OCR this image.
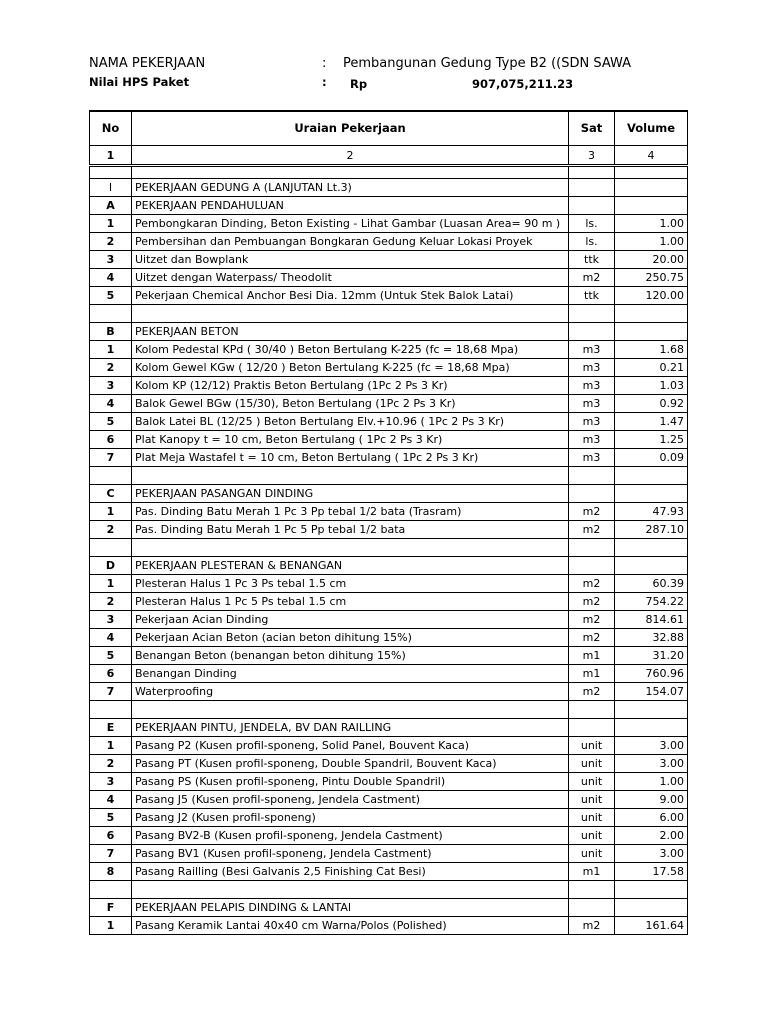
NAMA PEKERJAAN	: Pembangunan Gedung Type B2 ((SDN SAWA
Nilai HPS Paket	: Rp	907,075,211.23
No	Uraian Pekerjaan	Sat	Volume
1	2	3	4

I	PEKERJAAN GEDUNG A (LANJUTAN Lt.3)		
A	PEKERJAAN PENDAHULUAN		
1	Pembongkaran Dinding, Beton Existing - Lihat Gambar (Luasan Area= 90 m )	ls.	1.00
2	Pembersihan dan Pembuangan Bongkaran Gedung Keluar Lokasi Proyek	ls.	1.00
3	Uitzet dan Bowplank	ttk	20.00
4	Uitzet dengan Waterpass/ Theodolit	m2	250.75
5	Pekerjaan Chemical Anchor Besi Dia. 12mm (Untuk Stek Balok Latai)	ttk	120.00

B	PEKERJAAN BETON		
1	Kolom Pedestal KPd ( 30/40 ) Beton Bertulang K-225 (fc = 18,68 Mpa)	m3	1.68
2	Kolom Gewel KGw ( 12/20 ) Beton Bertulang K-225 (fc = 18,68 Mpa)	m3	0.21
3	Kolom KP (12/12) Praktis Beton Bertulang (1Pc 2 Ps 3 Kr)	m3	1.03
4	Balok Gewel BGw (15/30), Beton Bertulang (1Pc 2 Ps 3 Kr)	m3	0.92
5	Balok Latei BL (12/25 ) Beton Bertulang Elv.+10.96 ( 1Pc 2 Ps 3 Kr)	m3	1.47
6	Plat Kanopy t = 10 cm, Beton Bertulang ( 1Pc 2 Ps 3 Kr)	m3	1.25
7	Plat Meja Wastafel t = 10 cm, Beton Bertulang ( 1Pc 2 Ps 3 Kr)	m3	0.09

C	PEKERJAAN PASANGAN DINDING		
1	Pas. Dinding Batu Merah 1 Pc 3 Pp tebal 1/2 bata (Trasram)	m2	47.93
2	Pas. Dinding Batu Merah 1 Pc 5 Pp tebal 1/2 bata	m2	287.10

D	PEKERJAAN PLESTERAN & BENANGAN		
1	Plesteran Halus 1 Pc 3 Ps tebal 1.5 cm	m2	60.39
2	Plesteran Halus 1 Pc 5 Ps tebal 1.5 cm	m2	754.22
3	Pekerjaan Acian Dinding	m2	814.61
4	Pekerjaan Acian Beton (acian beton dihitung 15%)	m2	32.88
5	Benangan Beton (benangan beton dihitung 15%)	m1	31.20
6	Benangan Dinding	m1	760.96
7	Waterproofing	m2	154.07

E	PEKERJAAN PINTU, JENDELA, BV DAN RAILLING		
1	Pasang P2 (Kusen profil-sponeng, Solid Panel, Bouvent Kaca)	unit	3.00
2	Pasang PT (Kusen profil-sponeng, Double Spandril, Bouvent Kaca)	unit	3.00
3	Pasang PS (Kusen profil-sponeng, Pintu Double Spandril)	unit	1.00
4	Pasang J5 (Kusen profil-sponeng, Jendela Castment)	unit	9.00
5	Pasang J2 (Kusen profil-sponeng)	unit	6.00
6	Pasang BV2-B (Kusen profil-sponeng, Jendela Castment)	unit	2.00
7	Pasang BV1 (Kusen profil-sponeng, Jendela Castment)	unit	3.00
8	Pasang Railling (Besi Galvanis 2,5 Finishing Cat Besi)	m1	17.58

F	PEKERJAAN PELAPIS DINDING & LANTAI		
1	Pasang Keramik Lantai 40x40 cm Warna/Polos (Polished)	m2	161.64
